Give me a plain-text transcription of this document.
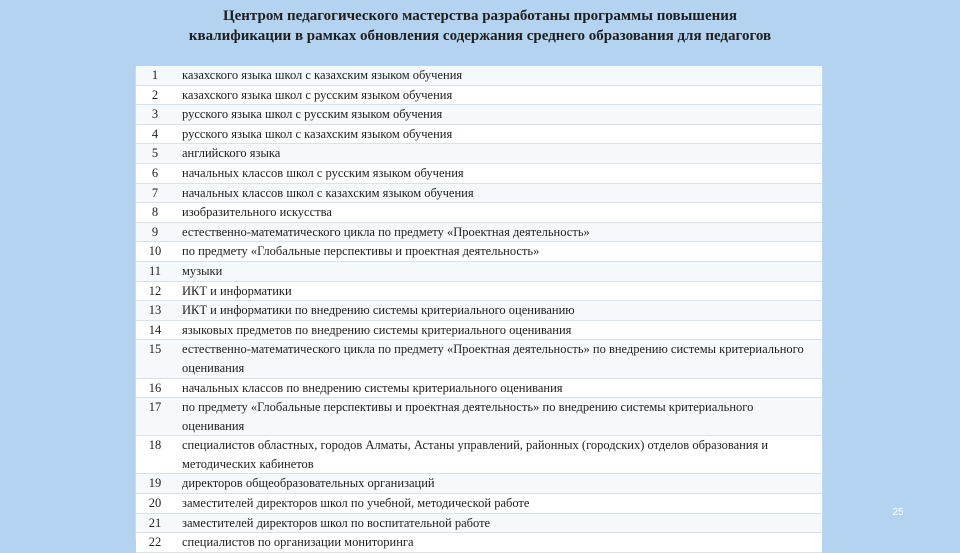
Центром педагогического мастерства разработаны программы повышения
квалификации в рамках обновления содержания среднего образования для педагогов
1	казахского языка школ с казахским языком обучения
2	казахского языка школ с русским языком обучения
3	русского языка школ с русским языком обучения
4	русского языка школ с казахским языком обучения
5	английского языка
6	начальных классов школ с русским языком обучения
7	начальных классов школ с казахским языком обучения
8	изобразительного искусства
9	естественно-математического цикла по предмету «Проектная деятельность»
10	по предмету «Глобальные перспективы и проектная деятельность»
11	музыки
12	ИКТ и информатики
13	ИКТ и информатики по внедрению системы критериального оцениванию
14	языковых предметов по внедрению системы критериального оценивания
15	естественно-математического цикла по предмету «Проектная деятельность» по внедрению системы критериального оценивания
16	начальных классов по внедрению системы критериального оценивания
17	по предмету «Глобальные перспективы и проектная деятельность» по внедрению системы критериального оценивания
18	специалистов областных, городов Алматы, Астаны управлений, районных (городских) отделов образования и методических кабинетов
19	директоров общеобразовательных организаций
20	заместителей директоров школ по учебной, методической работе
21	заместителей директоров школ по воспитательной работе
22	специалистов по организации мониторинга
25
